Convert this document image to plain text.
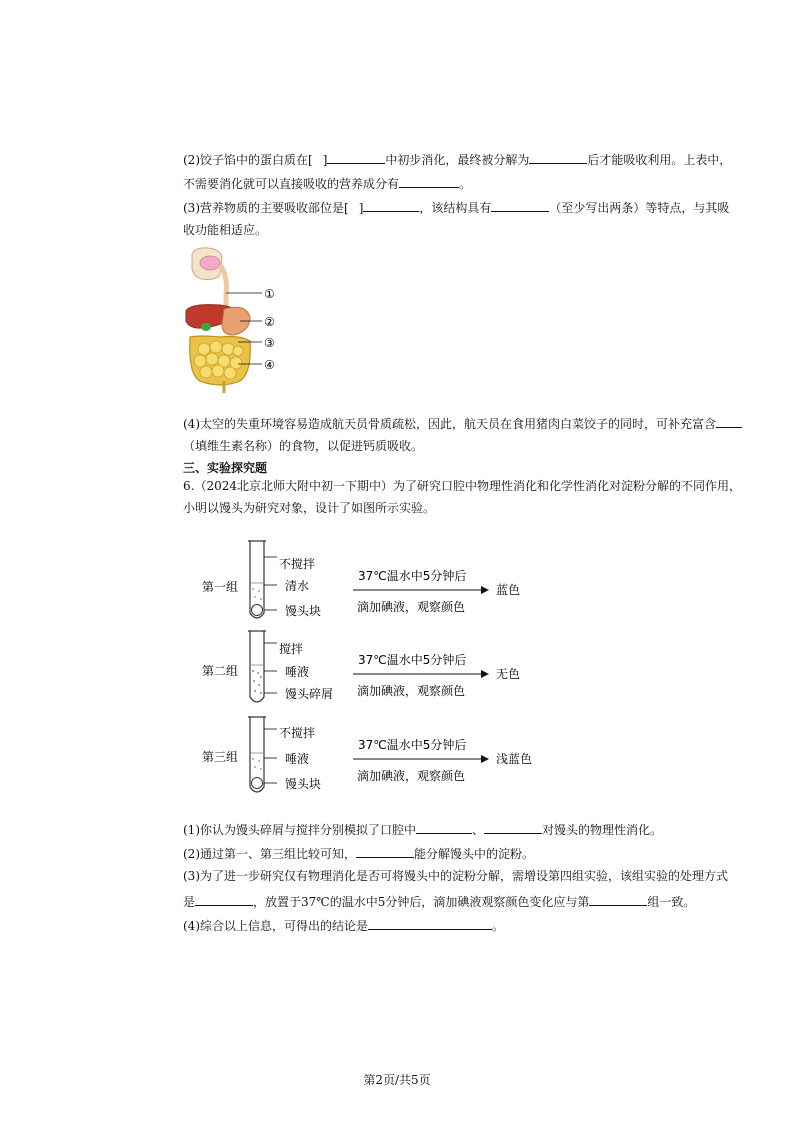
(2)饺子馅中的蛋白质在[ ]	中初步消化，最终被分解为	后才能吸收利用。上表中，
不需要消化就可以直接吸收的营养成分有	。
(3)营养物质的主要吸收部位是[ ]	，该结构具有	（至少写出两条）等特点，与其吸
收功能相适应。
①
②
③
④
(4)太空的失重环境容易造成航天员骨质疏松，因此，航天员在食用猪肉白菜饺子的同时，可补充富含
（填维生素名称）的食物，以促进钙质吸收。
三、实验探究题
6.（2024北京北师大附中初一下期中）为了研究口腔中物理性消化和化学性消化对淀粉分解的不同作用，
小明以馒头为研究对象，设计了如图所示实验。
第一组
不搅拌
清水
馒头块
37℃温水中5分钟后
滴加碘液，观察颜色
蓝色
第二组
搅拌
唾液
馒头碎屑
37℃温水中5分钟后
滴加碘液，观察颜色
无色
第三组
不搅拌
唾液
馒头块
37℃温水中5分钟后
滴加碘液，观察颜色
浅蓝色
(1)你认为馒头碎屑与搅拌分别模拟了口腔中	、	对馒头的物理性消化。
(2)通过第一、第三组比较可知，	能分解馒头中的淀粉。
(3)为了进一步研究仅有物理消化是否可将馒头中的淀粉分解，需增设第四组实验，该组实验的处理方式
是	，放置于37℃的温水中5分钟后，滴加碘液观察颜色变化应与第	组一致。
(4)综合以上信息，可得出的结论是	。
第2页/共5页
